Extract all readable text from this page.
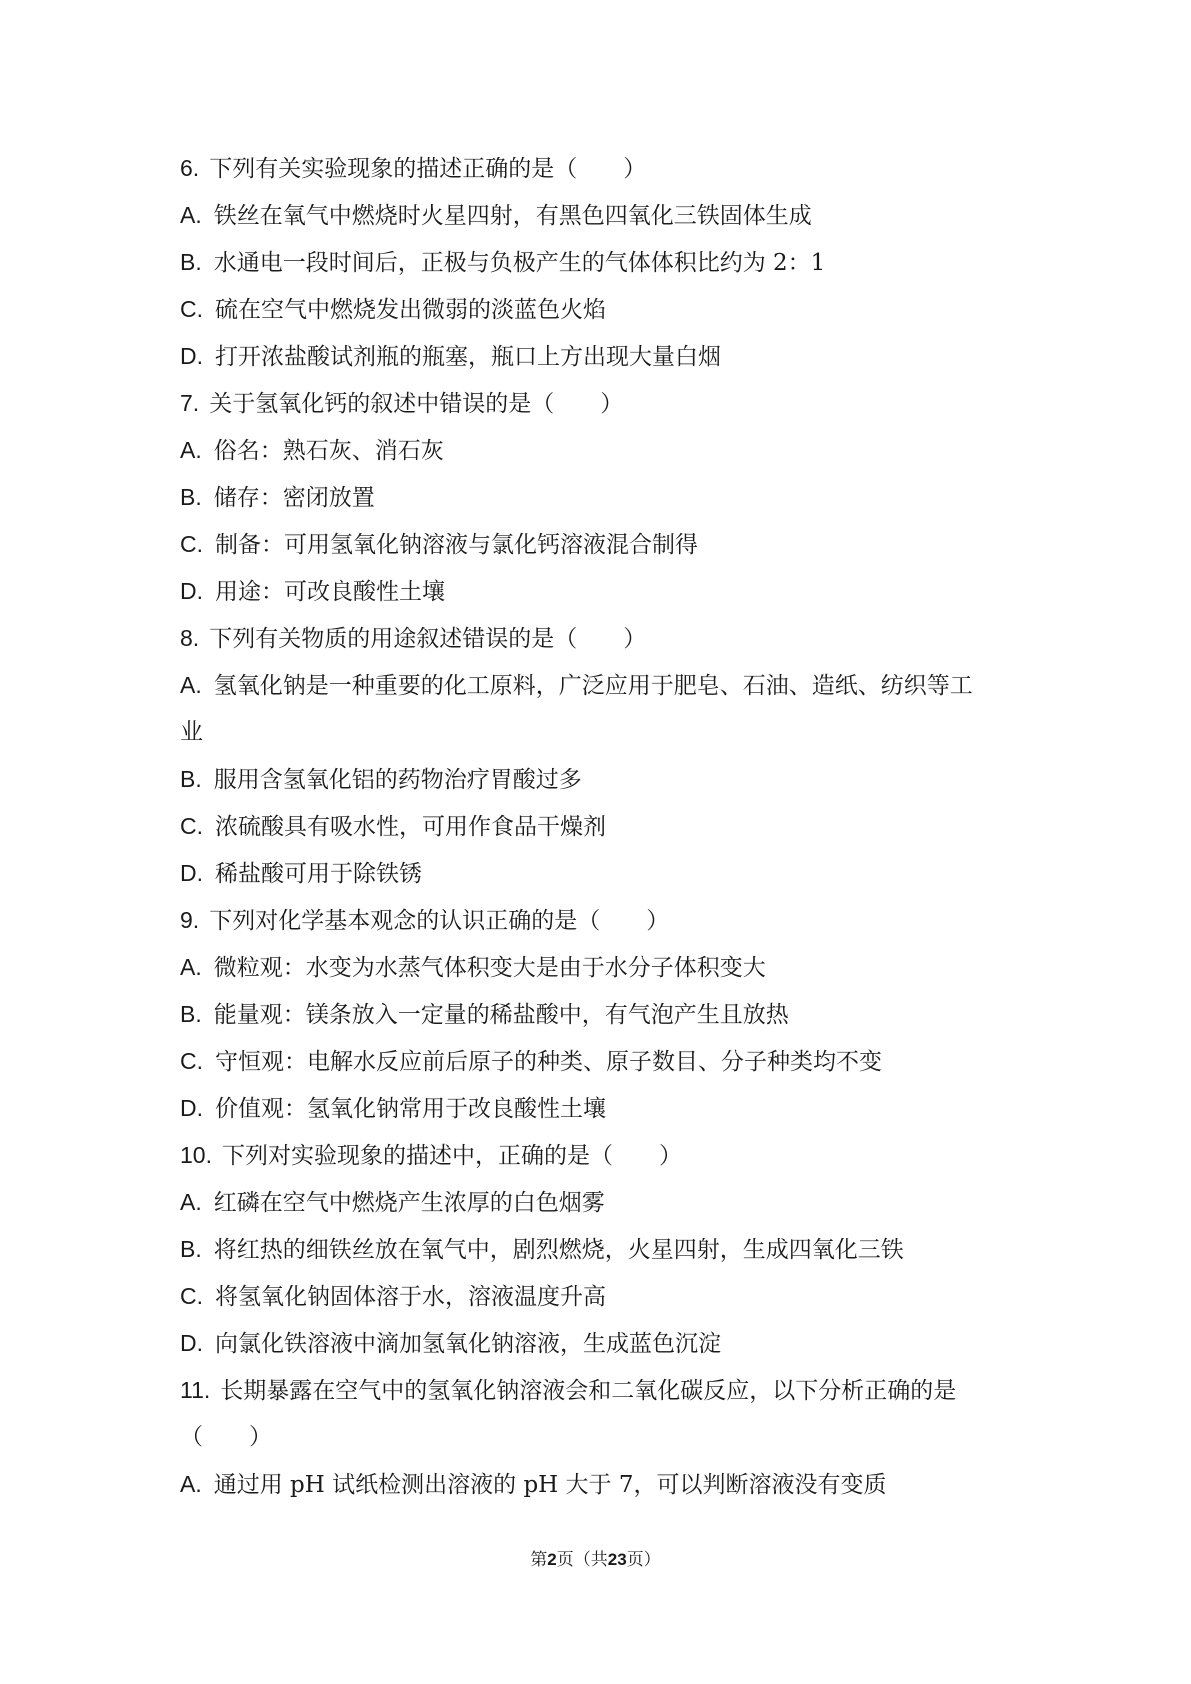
6. 下列有关实验现象的描述正确的是（　　）
A. 铁丝在氧气中燃烧时火星四射，有黑色四氧化三铁固体生成
B. 水通电一段时间后，正极与负极产生的气体体积比约为 2：1
C. 硫在空气中燃烧发出微弱的淡蓝色火焰
D. 打开浓盐酸试剂瓶的瓶塞，瓶口上方出现大量白烟
7. 关于氢氧化钙的叙述中错误的是（　　）
A. 俗名：熟石灰、消石灰
B. 储存：密闭放置
C. 制备：可用氢氧化钠溶液与氯化钙溶液混合制得
D. 用途：可改良酸性土壤
8. 下列有关物质的用途叙述错误的是（　　）
A. 氢氧化钠是一种重要的化工原料，广泛应用于肥皂、石油、造纸、纺织等工
业
B. 服用含氢氧化铝的药物治疗胃酸过多
C. 浓硫酸具有吸水性，可用作食品干燥剂
D. 稀盐酸可用于除铁锈
9. 下列对化学基本观念的认识正确的是（　　）
A. 微粒观：水变为水蒸气体积变大是由于水分子体积变大
B. 能量观：镁条放入一定量的稀盐酸中，有气泡产生且放热
C. 守恒观：电解水反应前后原子的种类、原子数目、分子种类均不变
D. 价值观：氢氧化钠常用于改良酸性土壤
10. 下列对实验现象的描述中，正确的是（　　）
A. 红磷在空气中燃烧产生浓厚的白色烟雾
B. 将红热的细铁丝放在氧气中，剧烈燃烧，火星四射，生成四氧化三铁
C. 将氢氧化钠固体溶于水，溶液温度升高
D. 向氯化铁溶液中滴加氢氧化钠溶液，生成蓝色沉淀
11. 长期暴露在空气中的氢氧化钠溶液会和二氧化碳反应，以下分析正确的是
（　　）
A. 通过用 pH 试纸检测出溶液的 pH 大于 7，可以判断溶液没有变质
第2页（共23页）
